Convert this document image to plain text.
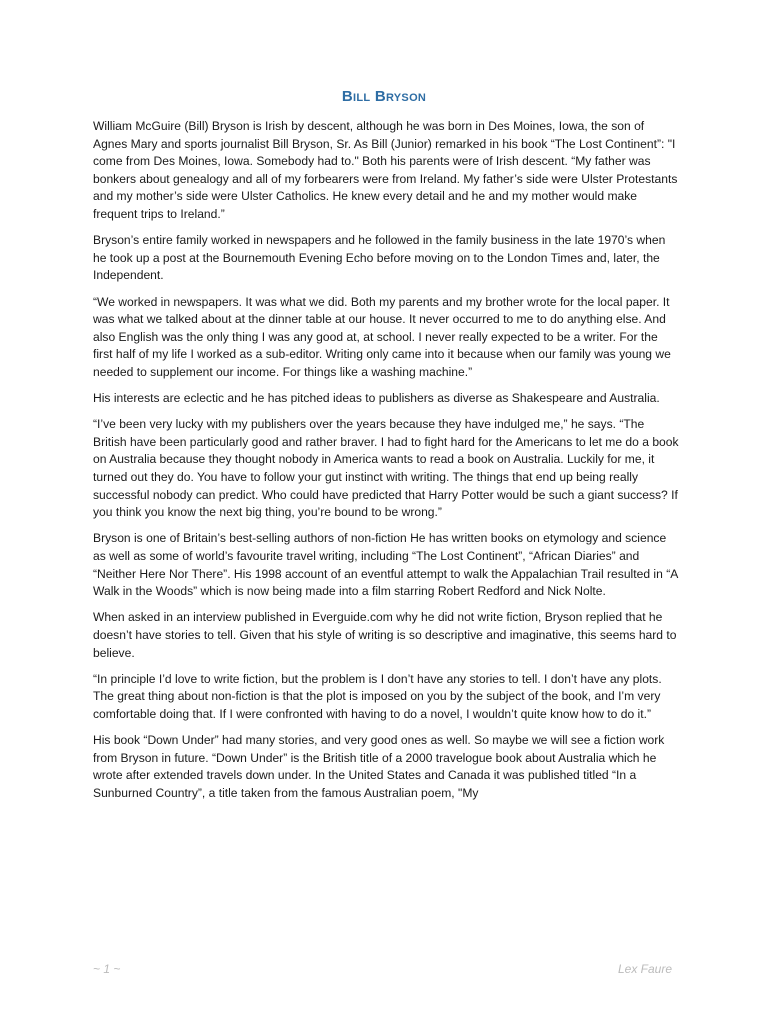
Bill Bryson

William McGuire (Bill) Bryson is Irish by descent, although he was born in Des Moines, Iowa, the son of Agnes Mary and sports journalist Bill Bryson, Sr. As Bill (Junior) remarked in his book “The Lost Continent”: "I come from Des Moines, Iowa. Somebody had to." Both his parents were of Irish descent. “My father was bonkers about genealogy and all of my forbearers were from Ireland. My father’s side were Ulster Protestants and my mother’s side were Ulster Catholics. He knew every detail and he and my mother would make frequent trips to Ireland.”

Bryson’s entire family worked in newspapers and he followed in the family business in the late 1970’s when he took up a post at the Bournemouth Evening Echo before moving on to the London Times and, later, the Independent.

“We worked in newspapers. It was what we did. Both my parents and my brother wrote for the local paper. It was what we talked about at the dinner table at our house. It never occurred to me to do anything else. And also English was the only thing I was any good at, at school. I never really expected to be a writer. For the first half of my life I worked as a sub-editor. Writing only came into it because when our family was young we needed to supplement our income. For things like a washing machine.”

His interests are eclectic and he has pitched ideas to publishers as diverse as Shakespeare and Australia.

“I’ve been very lucky with my publishers over the years because they have indulged me,” he says. “The British have been particularly good and rather braver. I had to fight hard for the Americans to let me do a book on Australia because they thought nobody in America wants to read a book on Australia. Luckily for me, it turned out they do. You have to follow your gut instinct with writing. The things that end up being really successful nobody can predict. Who could have predicted that Harry Potter would be such a giant success? If you think you know the next big thing, you’re bound to be wrong.”

Bryson is one of Britain’s best-selling authors of non-fiction He has written books on etymology and science as well as some of world’s favourite travel writing, including “The Lost Continent”, “African Diaries” and “Neither Here Nor There”. His 1998 account of an eventful attempt to walk the Appalachian Trail resulted in “A Walk in the Woods” which is now being made into a film starring Robert Redford and Nick Nolte.

When asked in an interview published in Everguide.com why he did not write fiction, Bryson replied that he doesn’t have stories to tell. Given that his style of writing is so descriptive and imaginative, this seems hard to believe.

“In principle I’d love to write fiction, but the problem is I don’t have any stories to tell. I don’t have any plots. The great thing about non-fiction is that the plot is imposed on you by the subject of the book, and I’m very comfortable doing that. If I were confronted with having to do a novel, I wouldn’t quite know how to do it.”

His book “Down Under” had many stories, and very good ones as well. So maybe we will see a fiction work from Bryson in future. “Down Under” is the British title of a 2000 travelogue book about Australia which he wrote after extended travels down under. In the United States and Canada it was published titled “In a Sunburned Country”, a title taken from the famous Australian poem, "My

~ 1 ~	Lex Faure
